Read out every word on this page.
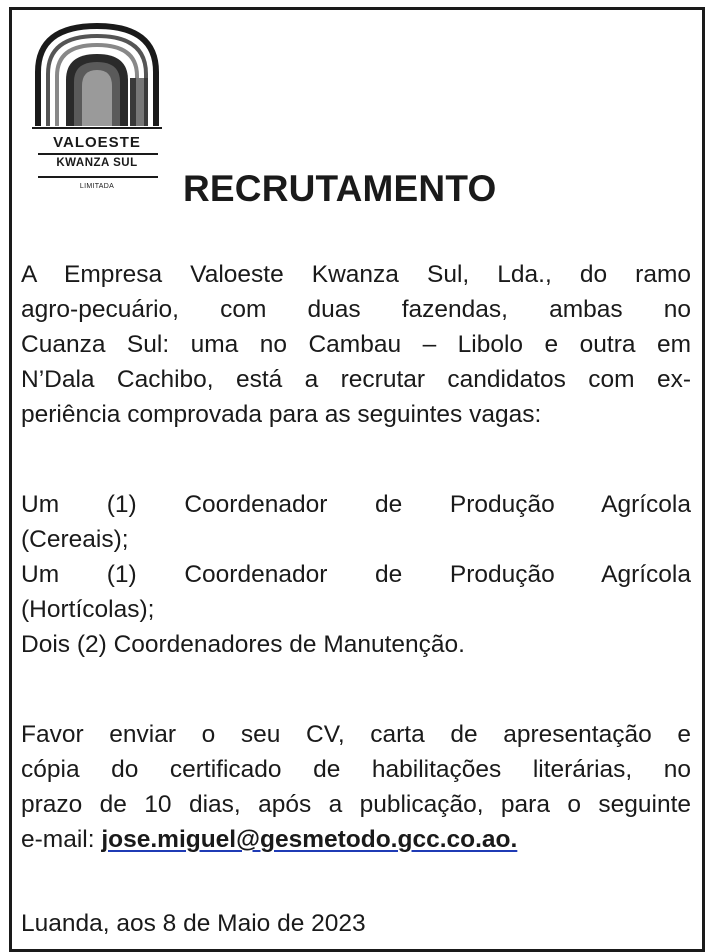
VALOESTE
KWANZA SUL
LIMITADA	RECRUTAMENTO
A Empresa Valoeste Kwanza Sul, Lda., do ramo
agro-pecuário, com duas fazendas, ambas no
Cuanza Sul: uma no Cambau – Libolo e outra em
N’Dala Cachibo, está a recrutar candidatos com ex-
periência comprovada para as seguintes vagas:
Um (1) Coordenador de Produção Agrícola
(Cereais);
Um (1) Coordenador de Produção Agrícola
(Hortícolas);
Dois (2) Coordenadores de Manutenção.
Favor enviar o seu CV, carta de apresentação e
cópia do certificado de habilitações literárias, no
prazo de 10 dias, após a publicação, para o seguinte
e-mail: jose.miguel@gesmetodo.gcc.co.ao.
Luanda, aos 8 de Maio de 2023
